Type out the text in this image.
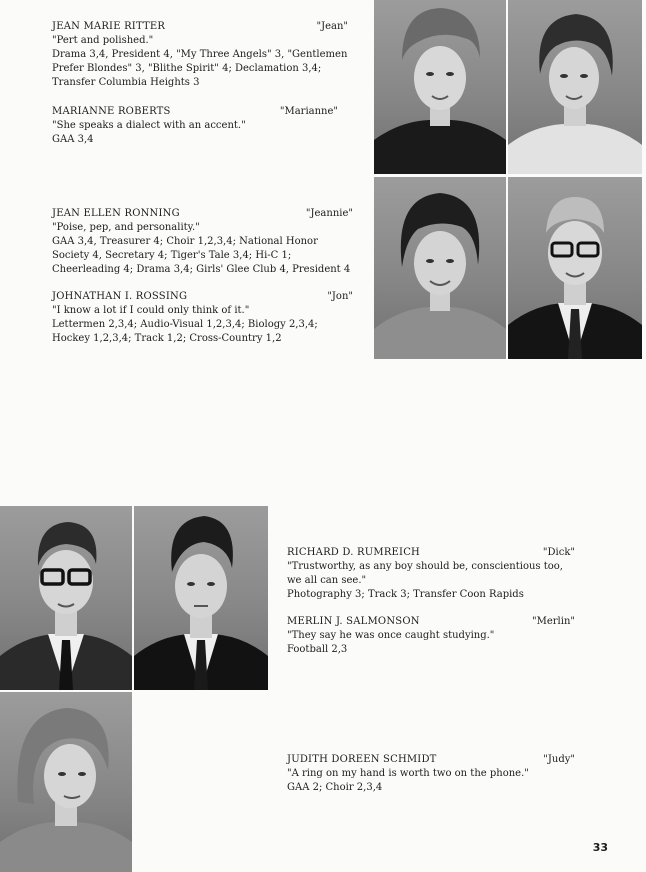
JEAN MARIE RITTER	"Jean"

"Pert and polished."

Drama 3,4, President 4, "My Three Angels" 3, "Gentlemen Prefer Blondes" 3, "Blithe Spirit" 4; Declamation 3,4; Transfer Columbia Heights 3

MARIANNE ROBERTS	"Marianne"

"She speaks a dialect with an accent."

GAA 3,4

JEAN ELLEN RONNING	"Jeannie"

"Poise, pep, and personality."

GAA 3,4, Treasurer 4; Choir 1,2,3,4; National Honor Society 4, Secretary 4; Tiger's Tale 3,4; Hi-C 1; Cheerleading 4; Drama 3,4; Girls' Glee Club 4, President 4

JOHNATHAN I. ROSSING	"Jon"

"I know a lot if I could only think of it."

Lettermen 2,3,4; Audio-Visual 1,2,3,4; Biology 2,3,4; Hockey 1,2,3,4; Track 1,2; Cross-Country 1,2

RICHARD D. RUMREICH	"Dick"

"Trustworthy, as any boy should be, conscientious too, we all can see."

Photography 3; Track 3; Transfer Coon Rapids

MERLIN J. SALMONSON	"Merlin"

"They say he was once caught studying."

Football 2,3

JUDITH DOREEN SCHMIDT	"Judy"

"A ring on my hand is worth two on the phone."

GAA 2; Choir 2,3,4

33
